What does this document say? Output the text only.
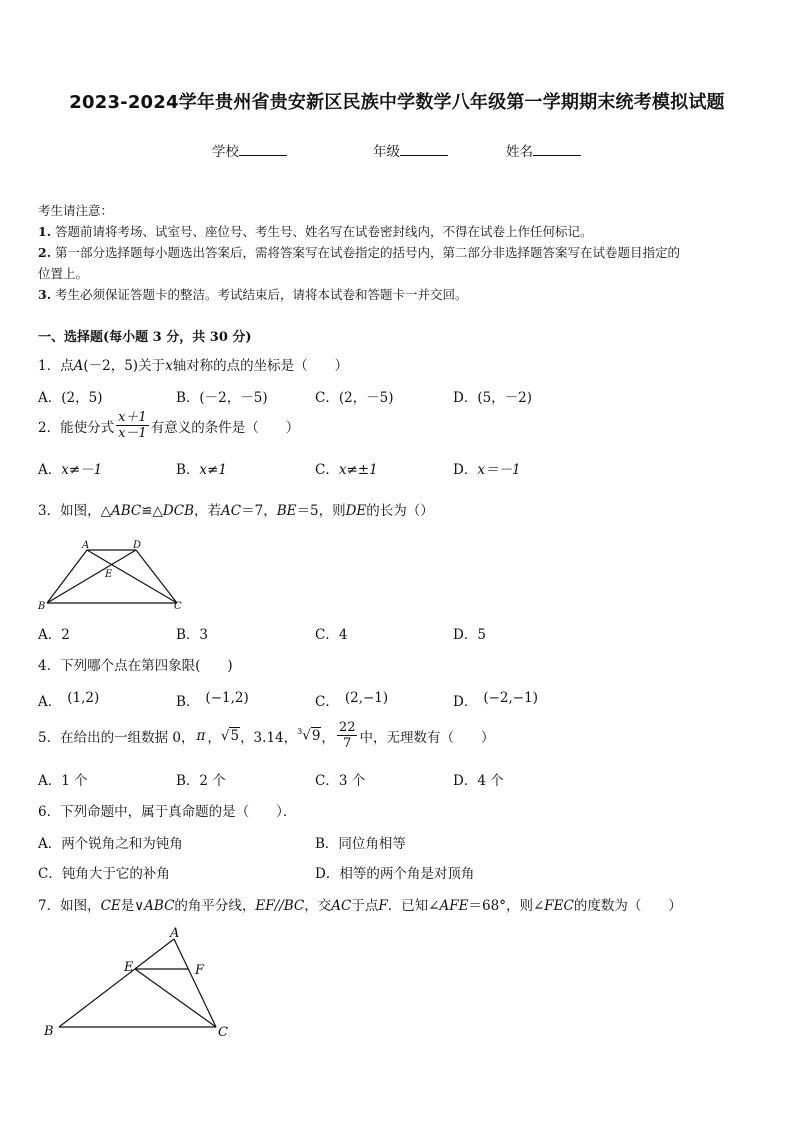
2023-2024学年贵州省贵安新区民族中学数学八年级第一学期期末统考模拟试题
学校	年级	姓名
考生请注意：
1. 答题前请将考场、试室号、座位号、考生号、姓名写在试卷密封线内，不得在试卷上作任何标记。
2. 第一部分选择题每小题选出答案后，需将答案写在试卷指定的括号内，第二部分非选择题答案写在试卷题目指定的
位置上。
3. 考生必须保证答题卡的整洁。考试结束后，请将本试卷和答题卡一并交回。
一、选择题(每小题 3 分，共 30 分)
1．点A(－2，5)关于x轴对称的点的坐标是（　　）
A．(2，5)	B．(－2，－5)	C．(2，－5)	D．(5，－2)
2．能使分式 $\frac{x+1}{x-1}$ 有意义的条件是（　　）
A．x≠－1	B．x≠1	C．x≠±1	D．x＝－1
3．如图，△ABC≌△DCB，若AC＝7，BE＝5，则DE的长为（）
A	D
E
B	C
A．2	B．3	C．4	D．5
4．下列哪个点在第四象限(　　)
A． (1,2)	B． (−1,2)	C． (2,−1)	D． (−2,−1)
5．在给出的一组数据 0， π ， √5 ，3.14， $^3$√9 ， $\frac{22}{7}$ 中，无理数有（　　）
A．1 个	B．2 个	C．3 个	D．4 个
6．下列命题中，属于真命题的是（　　）．
A．两个锐角之和为钝角	B．同位角相等
C．钝角大于它的补角	D．相等的两个角是对顶角
7．如图，CE是∨ABC的角平分线，EF//BC，交AC于点F．已知∠AFE＝68°，则∠FEC的度数为（　　）
A
E	F
B	C
